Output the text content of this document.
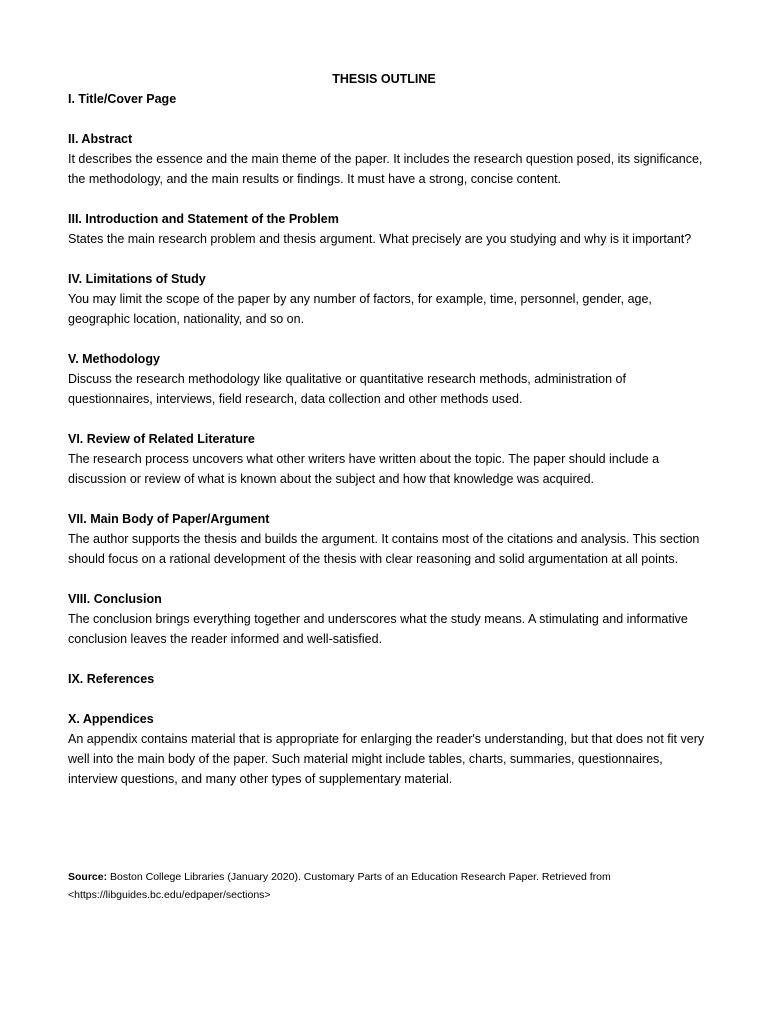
THESIS OUTLINE
I. Title/Cover Page
II. Abstract
It describes the essence and the main theme of the paper. It includes the research question posed, its significance, the methodology, and the main results or findings. It must have a strong, concise content.
III. Introduction and Statement of the Problem
States the main research problem and thesis argument. What precisely are you studying and why is it important?
IV. Limitations of Study
You may limit the scope of the paper by any number of factors, for example, time, personnel, gender, age, geographic location, nationality, and so on.
V. Methodology
Discuss the research methodology like qualitative or quantitative research methods, administration of questionnaires, interviews, field research, data collection and other methods used.
VI. Review of Related Literature
The research process uncovers what other writers have written about the topic. The paper should include a discussion or review of what is known about the subject and how that knowledge was acquired.
VII. Main Body of Paper/Argument
The author supports the thesis and builds the argument. It contains most of the citations and analysis. This section should focus on a rational development of the thesis with clear reasoning and solid argumentation at all points.
VIII. Conclusion
The conclusion brings everything together and underscores what the study means. A stimulating and informative conclusion leaves the reader informed and well-satisfied.
IX. References
X. Appendices
An appendix contains material that is appropriate for enlarging the reader's understanding, but that does not fit very well into the main body of the paper. Such material might include tables, charts, summaries, questionnaires, interview questions, and many other types of supplementary material.
Source: Boston College Libraries (January 2020). Customary Parts of an Education Research Paper. Retrieved from <https://libguides.bc.edu/edpaper/sections>
